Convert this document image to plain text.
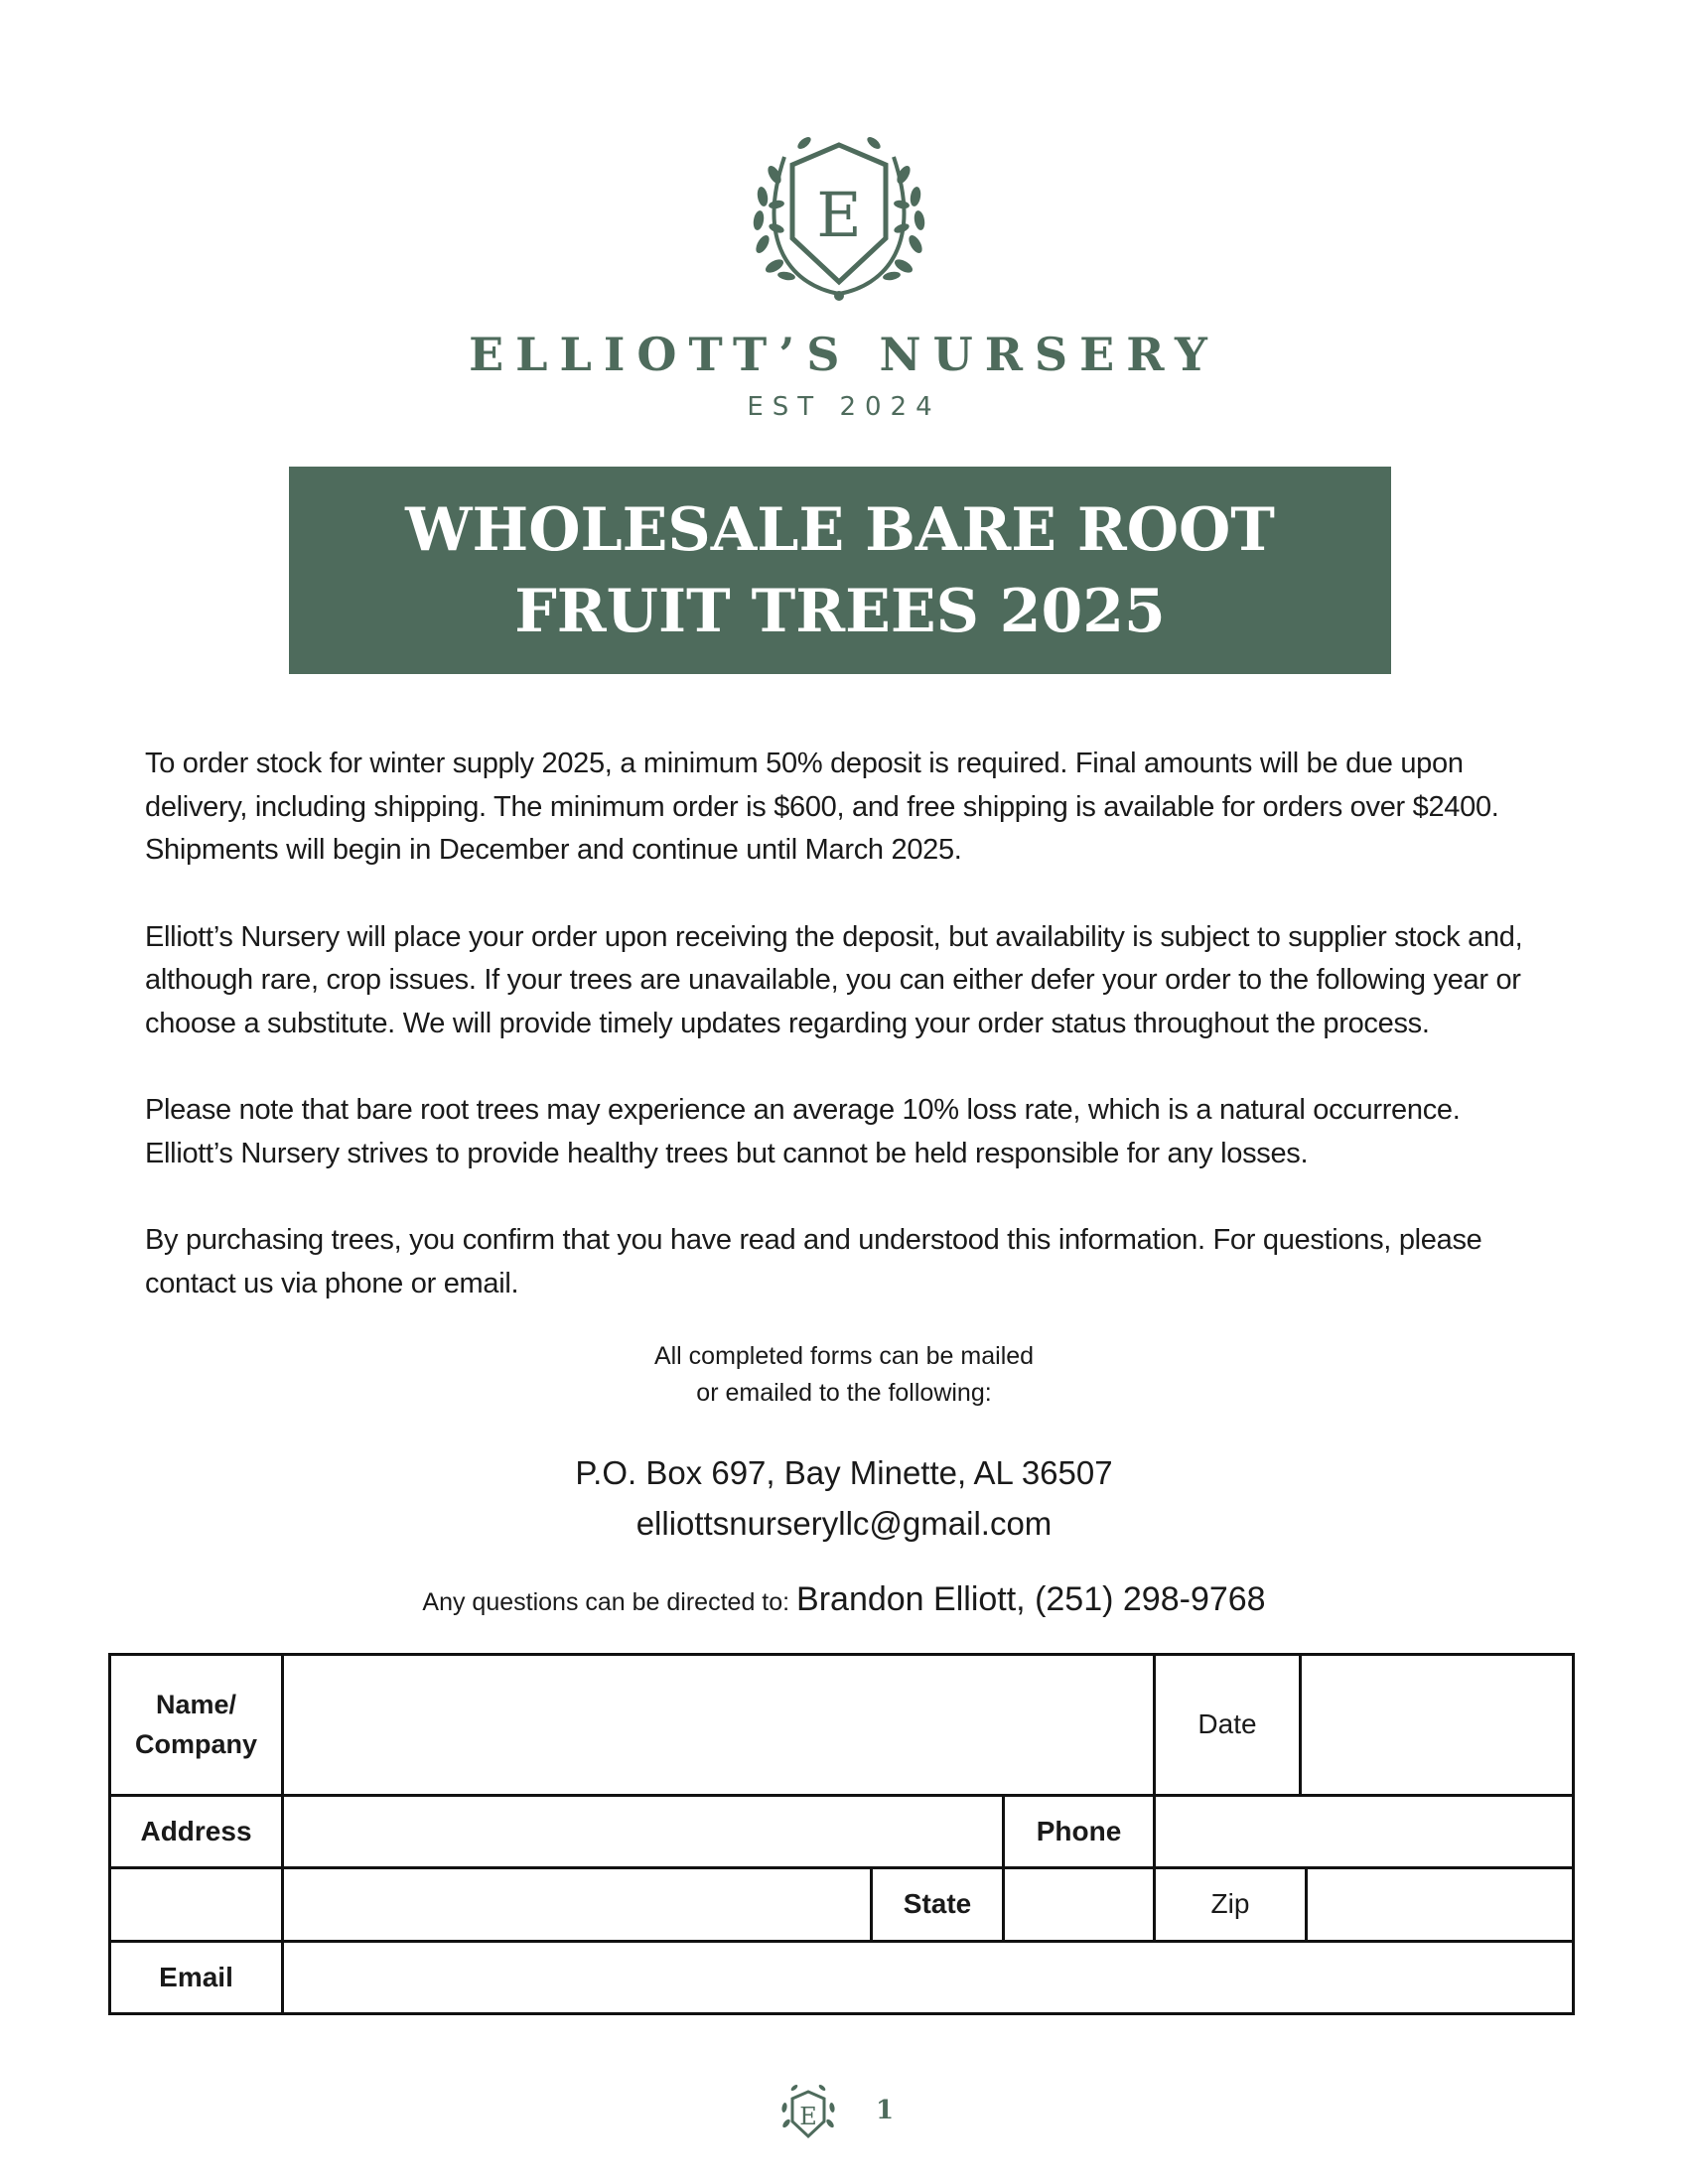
E
ELLIOTT’S NURSERY
EST 2024
WHOLESALE BARE ROOT
FRUIT TREES 2025

To order stock for winter supply 2025, a minimum 50% deposit is required. Final amounts will be due upon
delivery, including shipping. The minimum order is $600, and free shipping is available for orders over $2400.
Shipments will begin in December and continue until March 2025.

Elliott’s Nursery will place your order upon receiving the deposit, but availability is subject to supplier stock and,
although rare, crop issues. If your trees are unavailable, you can either defer your order to the following year or
choose a substitute. We will provide timely updates regarding your order status throughout the process.

Please note that bare root trees may experience an average 10% loss rate, which is a natural occurrence.
Elliott’s Nursery strives to provide healthy trees but cannot be held responsible for any losses.

By purchasing trees, you confirm that you have read and understood this information. For questions, please
contact us via phone or email.

All completed forms can be mailed
or emailed to the following:
P.O. Box 697, Bay Minette, AL 36507
elliottsnurseryllc@gmail.com
Any questions can be directed to: Brandon Elliott, (251) 298-9768
Name/
Company				Date		
Address			Phone			
		State		Zip		
Email						
E 1
